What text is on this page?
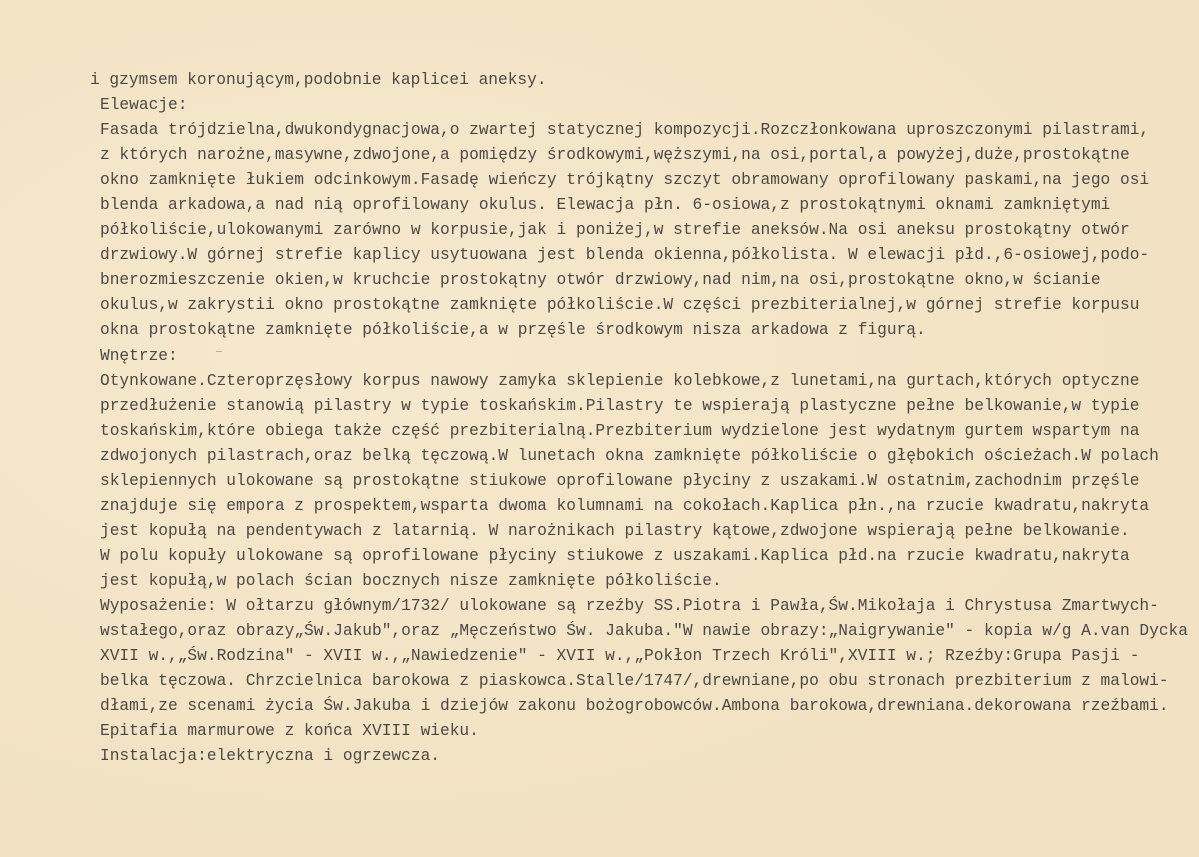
i gzymsem koronującym,podobnie kaplicei aneksy.
Elewacje:
Fasada trójdzielna,dwukondygnacjowa,o zwartej statycznej kompozycji.Rozczłonkowana uproszczonymi pilastrami,
z których narożne,masywne,zdwojone,a pomiędzy środkowymi,węższymi,na osi,portal,a powyżej,duże,prostokątne
okno zamknięte łukiem odcinkowym.Fasadę wieńczy trójkątny szczyt obramowany oprofilowany paskami,na jego osi
blenda arkadowa,a nad nią oprofilowany okulus. Elewacja płn. 6-osiowa,z prostokątnymi oknami zamkniętymi
półkoliście,ulokowanymi zarówno w korpusie,jak i poniżej,w strefie aneksów.Na osi aneksu prostokątny otwór
drzwiowy.W górnej strefie kaplicy usytuowana jest blenda okienna,półkolista. W elewacji płd.,6-osiowej,podo-
bnerozmieszczenie okien,w kruchcie prostokątny otwór drzwiowy,nad nim,na osi,prostokątne okno,w ścianie
okulus,w zakrystii okno prostokątne zamknięte półkoliście.W części prezbiterialnej,w górnej strefie korpusu
okna prostokątne zamknięte półkoliście,a w przęśle środkowym nisza arkadowa z figurą.
Wnętrze:
Otynkowane.Czteroprzęsłowy korpus nawowy zamyka sklepienie kolebkowe,z lunetami,na gurtach,których optyczne
przedłużenie stanowią pilastry w typie toskańskim.Pilastry te wspierają plastyczne pełne belkowanie,w typie
toskańskim,które obiega także część prezbiterialną.Prezbiterium wydzielone jest wydatnym gurtem wspartym na
zdwojonych pilastrach,oraz belką tęczową.W lunetach okna zamknięte półkoliście o głębokich ościeżach.W polach
sklepiennych ulokowane są prostokątne stiukowe oprofilowane płyciny z uszakami.W ostatnim,zachodnim przęśle
znajduje się empora z prospektem,wsparta dwoma kolumnami na cokołach.Kaplica płn.,na rzucie kwadratu,nakryta
jest kopułą na pendentywach z latarnią. W narożnikach pilastry kątowe,zdwojone wspierają pełne belkowanie.
W polu kopuły ulokowane są oprofilowane płyciny stiukowe z uszakami.Kaplica płd.na rzucie kwadratu,nakryta
jest kopułą,w polach ścian bocznych nisze zamknięte półkoliście.
Wyposażenie: W ołtarzu głównym/1732/ ulokowane są rzeźby SS.Piotra i Pawła,Św.Mikołaja i Chrystusa Zmartwych-
wstałego,oraz obrazy„Św.Jakub",oraz „Męczeństwo Św. Jakuba."W nawie obrazy:„Naigrywanie" - kopia w/g A.van Dycka
XVII w.,„Św.Rodzina" - XVII w.,„Nawiedzenie" - XVII w.,„Pokłon Trzech Króli",XVIII w.; Rzeźby:Grupa Pasji -
belka tęczowa. Chrzcielnica barokowa z piaskowca.Stalle/1747/,drewniane,po obu stronach prezbiterium z malowi-
dłami,ze scenami życia Św.Jakuba i dziejów zakonu bożogrobowców.Ambona barokowa,drewniana.dekorowana rzeźbami.
Epitafia marmurowe z końca XVIII wieku.
Instalacja:elektryczna i ogrzewcza.
